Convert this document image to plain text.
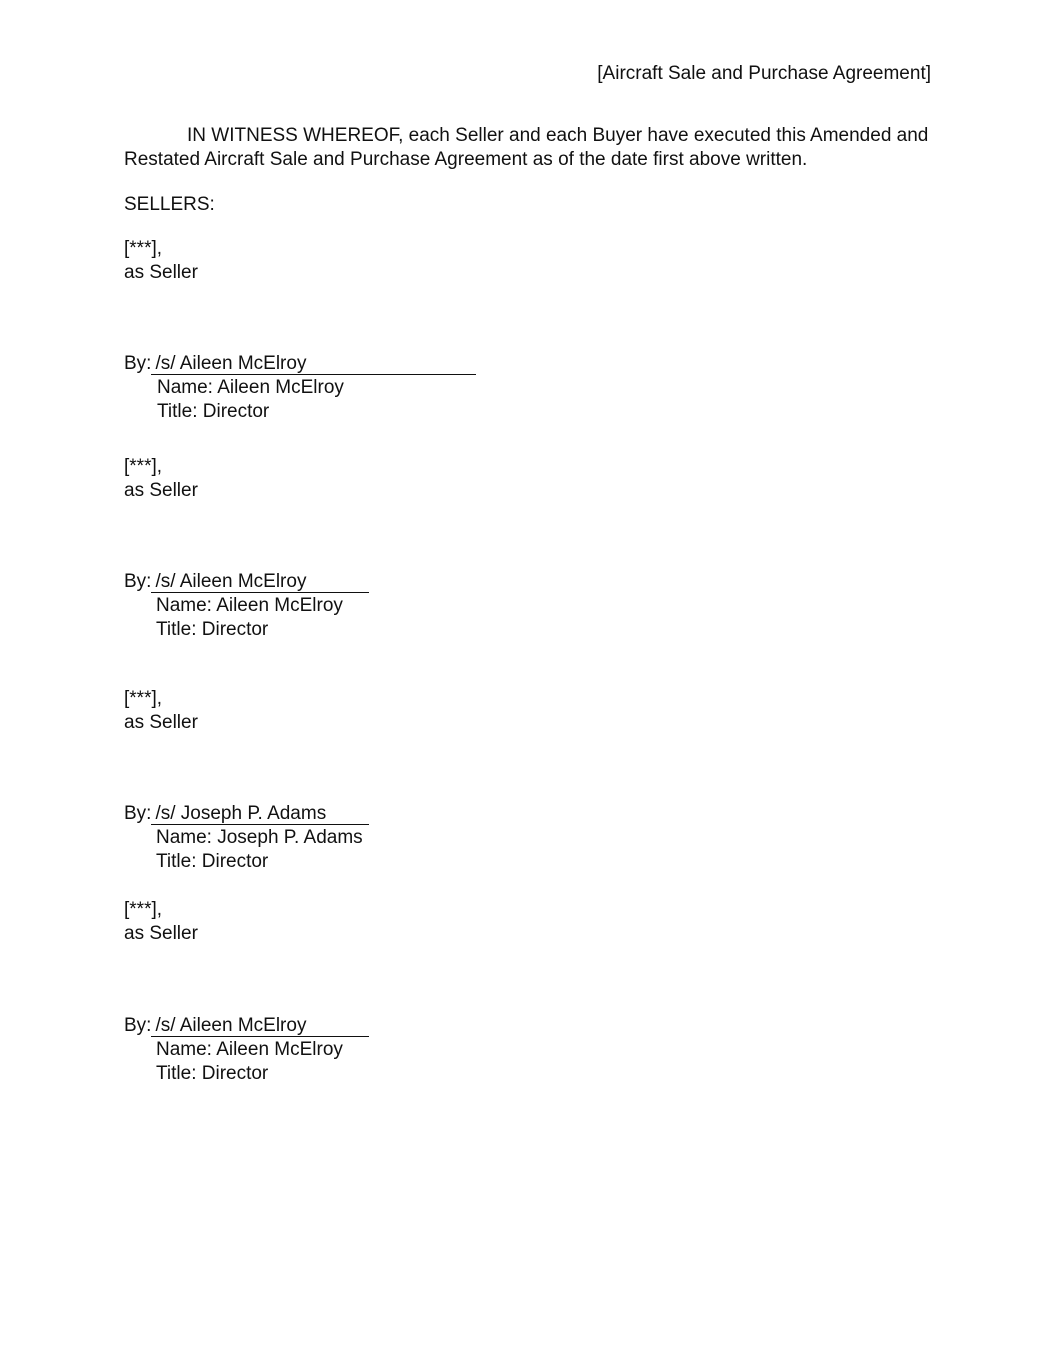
[Aircraft Sale and Purchase Agreement]

IN WITNESS WHEREOF, each Seller and each Buyer have executed this Amended and Restated Aircraft Sale and Purchase Agreement as of the date first above written.

SELLERS:

[***],

as Seller

By: /s/ Aileen McElroy
Name: Aileen McElroy
Title: Director

[***],

as Seller

By: /s/ Aileen McElroy
Name: Aileen McElroy
Title: Director

[***],

as Seller

By: /s/ Joseph P. Adams
Name: Joseph P. Adams
Title: Director

[***],

as Seller

By: /s/ Aileen McElroy
Name: Aileen McElroy
Title: Director
